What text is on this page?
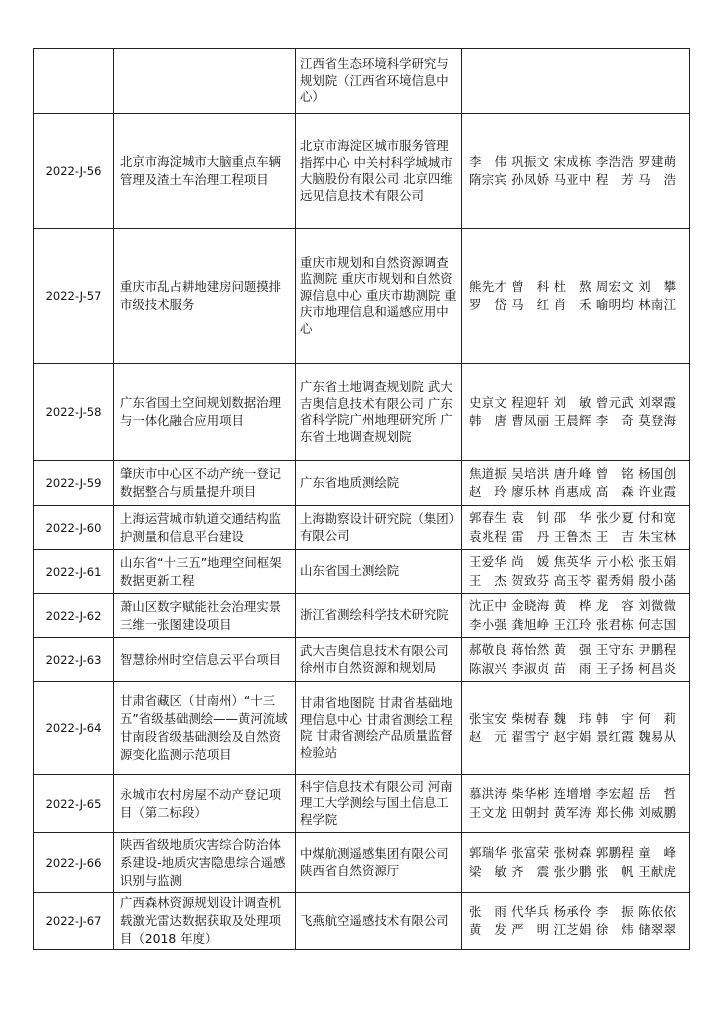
江西省生态环境科学研究与规划院（江西省环境信息中心）
2022-J-56
北京市海淀城市大脑重点车辆管理及渣土车治理工程项目
北京市海淀区城市服务管理指挥中心 中关村科学城城市大脑股份有限公司 北京四维远见信息技术有限公司
李　伟 巩振文 宋成栋 李浩浩 罗建萌
隋宗宾 孙凤娇 马亚中 程　芳 马　浩
2022-J-57
重庆市乱占耕地建房问题摸排市级技术服务
重庆市规划和自然资源调查监测院 重庆市规划和自然资源信息中心 重庆市勘测院 重庆市地理信息和遥感应用中心
熊先才 曾　科 杜　熬 周宏文 刘　攀
罗　岱 马　红 肖　禾 喻明均 林南江
2022-J-58
广东省国土空间规划数据治理与一体化融合应用项目
广东省土地调查规划院 武大吉奥信息技术有限公司 广东省科学院广州地理研究所 广东省土地调查规划院
史京文 程迎轩 刘　敏 曾元武 刘翠霞
韩　唐 曹凤丽 王晨辉 李　奇 莫登海
2022-J-59
肇庆市中心区不动产统一登记数据整合与质量提升项目
广东省地质测绘院
焦道振 吴培洪 唐升峰 曾　铭 杨国创
赵　玲 廖乐林 肖惠成 高　森 许业霞
2022-J-60
上海运营城市轨道交通结构监护测量和信息平台建设
上海勘察设计研究院（集团）有限公司
郭春生 袁　钊 邵　华 张少夏 付和宽
袁兆程 雷　丹 王鲁杰 王　吉 朱宝林
2022-J-61
山东省“十三五”地理空间框架数据更新工程
山东省国土测绘院
王爱华 尚　媛 焦英华 亓小松 张玉娟
王　杰 贺致芬 高玉苓 翟秀娟 殷小菡
2022-J-62
萧山区数字赋能社会治理实景三维一张图建设项目
浙江省测绘科学技术研究院
沈正中 金晓海 黄　桦 龙　容 刘微微
李小强 龚旭峥 王江玲 张君栋 何志国
2022-J-63	智慧徐州时空信息云平台项目
武大吉奥信息技术有限公司 徐州市自然资源和规划局
郝敬良 蒋怡然 黄　强 王守东 尹鹏程
陈淑兴 李淑贞 苗　雨 王子扬 柯昌炎
2022-J-64
甘肃省藏区（甘南州）“十三五”省级基础测绘——黄河流域甘南段省级基础测绘及自然资源变化监测示范项目
甘肃省地图院 甘肃省基础地理信息中心 甘肃省测绘工程院 甘肃省测绘产品质量监督检验站
张宝安 柴树春 魏　玮 韩　宇 何　莉
赵　元 翟雪宁 赵宇娟 景红霞 魏易从
2022-J-65
永城市农村房屋不动产登记项目（第二标段）
科宇信息技术有限公司 河南理工大学测绘与国土信息工程学院
慕洪涛 柴华彬 连增增 李宏超 岳　哲
王文龙 田朝封 黄军涛 郑长佛 刘威鹏
2022-J-66
陕西省级地质灾害综合防治体系建设-地质灾害隐患综合遥感识别与监测
中煤航测遥感集团有限公司 陕西省自然资源厅
郭瑞华 张富荣 张树森 郭鹏程 童　峰
梁　敏 齐　震 张少鹏 张　帆 王献虎
2022-J-67
广西森林资源规划设计调查机载激光雷达数据获取及处理项目（2018 年度）
飞燕航空遥感技术有限公司
张　雨 代华兵 杨承伶 李　振 陈依依
黄　发 严　明 江芝娟 徐　炜 储翠翠
